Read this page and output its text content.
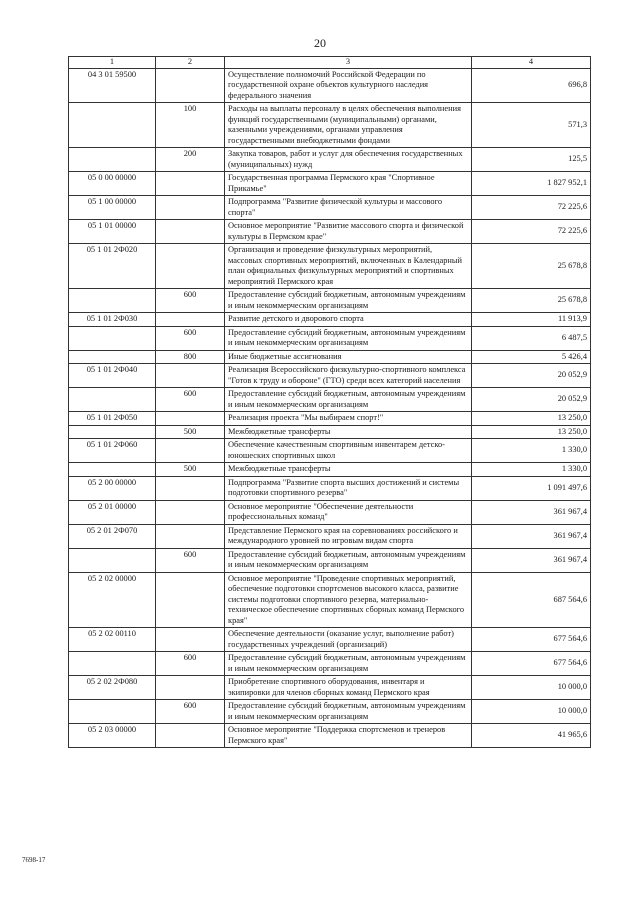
20
1	2	3	4
04 3 01 59500		Осуществление полномочий Российской Федерации по государственной охране объектов культурного наследия федерального значения	696,8
	100	Расходы на выплаты персоналу в целях обеспечения выполнения функций государственными (муниципальными) органами, казенными учреждениями, органами управления государственными внебюджетными фондами	571,3
	200	Закупка товаров, работ и услуг для обеспечения государственных (муниципальных) нужд	125,5
05 0 00 00000		Государственная программа Пермского края "Спортивное Прикамье"	1 827 952,1
05 1 00 00000		Подпрограмма "Развитие физической культуры и массового спорта"	72 225,6
05 1 01 00000		Основное мероприятие "Развитие массового спорта и физической культуры в Пермском крае"	72 225,6
05 1 01 2Ф020		Организация и проведение физкультурных мероприятий, массовых спортивных мероприятий, включенных в Календарный план официальных физкультурных мероприятий и спортивных мероприятий Пермского края	25 678,8
	600	Предоставление субсидий бюджетным, автономным учреждениям и иным некоммерческим организациям	25 678,8
05 1 01 2Ф030		Развитие детского и дворового спорта	11 913,9
	600	Предоставление субсидий бюджетным, автономным учреждениям и иным некоммерческим организациям	6 487,5
	800	Иные бюджетные ассигнования	5 426,4
05 1 01 2Ф040		Реализация Всероссийского физкультурно-спортивного комплекса "Готов к труду и обороне" (ГТО) среди всех категорий населения	20 052,9
	600	Предоставление субсидий бюджетным, автономным учреждениям и иным некоммерческим организациям	20 052,9
05 1 01 2Ф050		Реализация проекта "Мы выбираем спорт!"	13 250,0
	500	Межбюджетные трансферты	13 250,0
05 1 01 2Ф060		Обеспечение качественным спортивным инвентарем детско-юношеских спортивных школ	1 330,0
	500	Межбюджетные трансферты	1 330,0
05 2 00 00000		Подпрограмма "Развитие спорта высших достижений и системы подготовки спортивного резерва"	1 091 497,6
05 2 01 00000		Основное мероприятие "Обеспечение деятельности профессиональных команд"	361 967,4
05 2 01 2Ф070		Представление Пермского края на соревнованиях российского и международного уровней по игровым видам спорта	361 967,4
	600	Предоставление субсидий бюджетным, автономным учреждениям и иным некоммерческим организациям	361 967,4
05 2 02 00000		Основное мероприятие "Проведение спортивных мероприятий, обеспечение подготовки спортсменов высокого класса, развитие системы подготовки спортивного резерва, материально-техническое обеспечение спортивных сборных команд Пермского края"	687 564,6
05 2 02 00110		Обеспечение деятельности (оказание услуг, выполнение работ) государственных учреждений (организаций)	677 564,6
	600	Предоставление субсидий бюджетным, автономным учреждениям и иным некоммерческим организациям	677 564,6
05 2 02 2Ф080		Приобретение спортивного оборудования, инвентаря и экипировки для членов сборных команд Пермского края	10 000,0
	600	Предоставление субсидий бюджетным, автономным учреждениям и иным некоммерческим организациям	10 000,0
05 2 03 00000		Основное мероприятие "Поддержка спортсменов и тренеров Пермского края"	41 965,6
7698-17
